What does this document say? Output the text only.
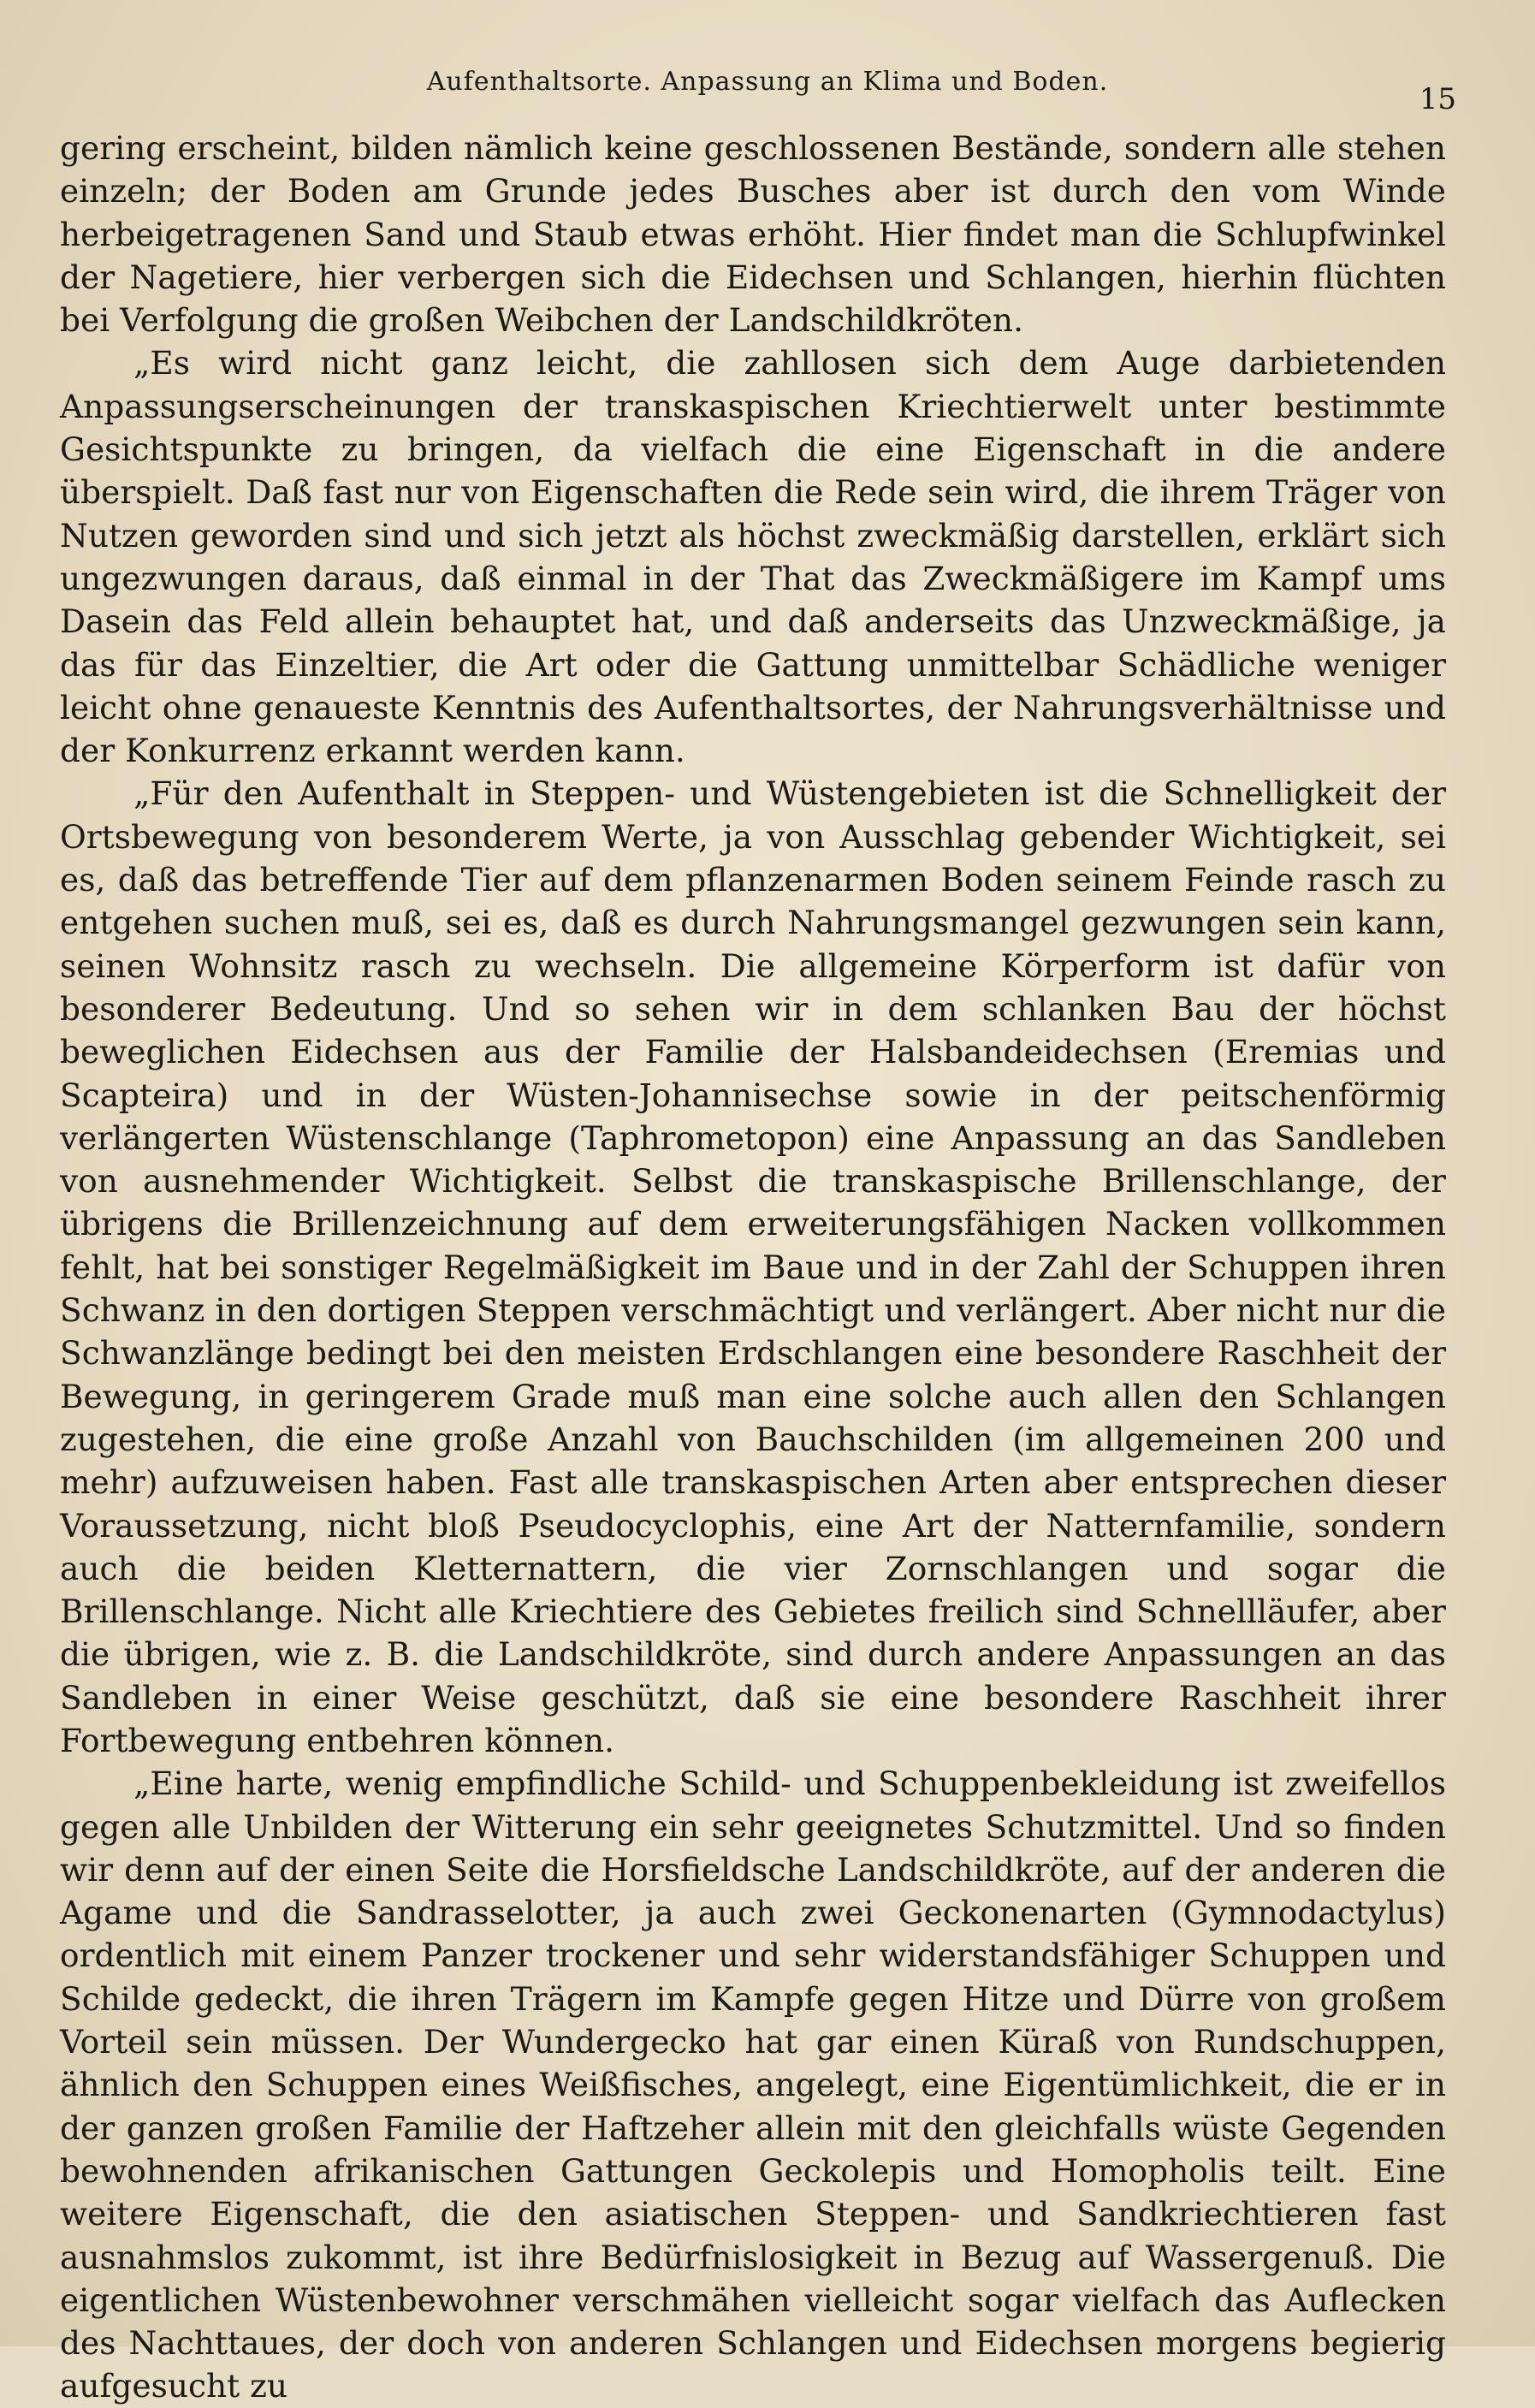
Aufenthaltsorte. Anpassung an Klima und Boden.
15

gering erscheint, bilden nämlich keine geschlossenen Bestände, sondern alle stehen einzeln; der Boden am Grunde jedes Busches aber ist durch den vom Winde herbeigetragenen Sand und Staub etwas erhöht. Hier findet man die Schlupfwinkel der Nagetiere, hier verbergen sich die Eidechsen und Schlangen, hierhin flüchten bei Verfolgung die großen Weibchen der Landschildkröten.

„Es wird nicht ganz leicht, die zahllosen sich dem Auge darbietenden Anpassungserscheinungen der transkaspischen Kriechtierwelt unter bestimmte Gesichtspunkte zu bringen, da vielfach die eine Eigenschaft in die andere überspielt. Daß fast nur von Eigenschaften die Rede sein wird, die ihrem Träger von Nutzen geworden sind und sich jetzt als höchst zweckmäßig darstellen, erklärt sich ungezwungen daraus, daß einmal in der That das Zweckmäßigere im Kampf ums Dasein das Feld allein behauptet hat, und daß anderseits das Unzweckmäßige, ja das für das Einzeltier, die Art oder die Gattung unmittelbar Schädliche weniger leicht ohne genaueste Kenntnis des Aufenthaltsortes, der Nahrungsverhältnisse und der Konkurrenz erkannt werden kann.

„Für den Aufenthalt in Steppen- und Wüstengebieten ist die Schnelligkeit der Ortsbewegung von besonderem Werte, ja von Ausschlag gebender Wichtigkeit, sei es, daß das betreffende Tier auf dem pflanzenarmen Boden seinem Feinde rasch zu entgehen suchen muß, sei es, daß es durch Nahrungsmangel gezwungen sein kann, seinen Wohnsitz rasch zu wechseln. Die allgemeine Körperform ist dafür von besonderer Bedeutung. Und so sehen wir in dem schlanken Bau der höchst beweglichen Eidechsen aus der Familie der Halsbandeidechsen (Eremias und Scapteira) und in der Wüsten-Johannisechse sowie in der peitschenförmig verlängerten Wüstenschlange (Taphrometopon) eine Anpassung an das Sandleben von ausnehmender Wichtigkeit. Selbst die transkaspische Brillenschlange, der übrigens die Brillenzeichnung auf dem erweiterungsfähigen Nacken vollkommen fehlt, hat bei sonstiger Regelmäßigkeit im Baue und in der Zahl der Schuppen ihren Schwanz in den dortigen Steppen verschmächtigt und verlängert. Aber nicht nur die Schwanzlänge bedingt bei den meisten Erdschlangen eine besondere Raschheit der Bewegung, in geringerem Grade muß man eine solche auch allen den Schlangen zugestehen, die eine große Anzahl von Bauchschilden (im allgemeinen 200 und mehr) aufzuweisen haben. Fast alle transkaspischen Arten aber entsprechen dieser Voraussetzung, nicht bloß Pseudocyclophis, eine Art der Natternfamilie, sondern auch die beiden Kletternattern, die vier Zornschlangen und sogar die Brillenschlange. Nicht alle Kriechtiere des Gebietes freilich sind Schnellläufer, aber die übrigen, wie z. B. die Landschildkröte, sind durch andere Anpassungen an das Sandleben in einer Weise geschützt, daß sie eine besondere Raschheit ihrer Fortbewegung entbehren können.

„Eine harte, wenig empfindliche Schild- und Schuppenbekleidung ist zweifellos gegen alle Unbilden der Witterung ein sehr geeignetes Schutzmittel. Und so finden wir denn auf der einen Seite die Horsfieldsche Landschildkröte, auf der anderen die Agame und die Sandrasselotter, ja auch zwei Geckonenarten (Gymnodactylus) ordentlich mit einem Panzer trockener und sehr widerstandsfähiger Schuppen und Schilde gedeckt, die ihren Trägern im Kampfe gegen Hitze und Dürre von großem Vorteil sein müssen. Der Wundergecko hat gar einen Küraß von Rundschuppen, ähnlich den Schuppen eines Weißfisches, angelegt, eine Eigentümlichkeit, die er in der ganzen großen Familie der Haftzeher allein mit den gleichfalls wüste Gegenden bewohnenden afrikanischen Gattungen Geckolepis und Homopholis teilt. Eine weitere Eigenschaft, die den asiatischen Steppen- und Sandkriechtieren fast ausnahmslos zukommt, ist ihre Bedürfnislosigkeit in Bezug auf Wassergenuß. Die eigentlichen Wüstenbewohner verschmähen vielleicht sogar vielfach das Auflecken des Nachttaues, der doch von anderen Schlangen und Eidechsen morgens begierig aufgesucht zu
